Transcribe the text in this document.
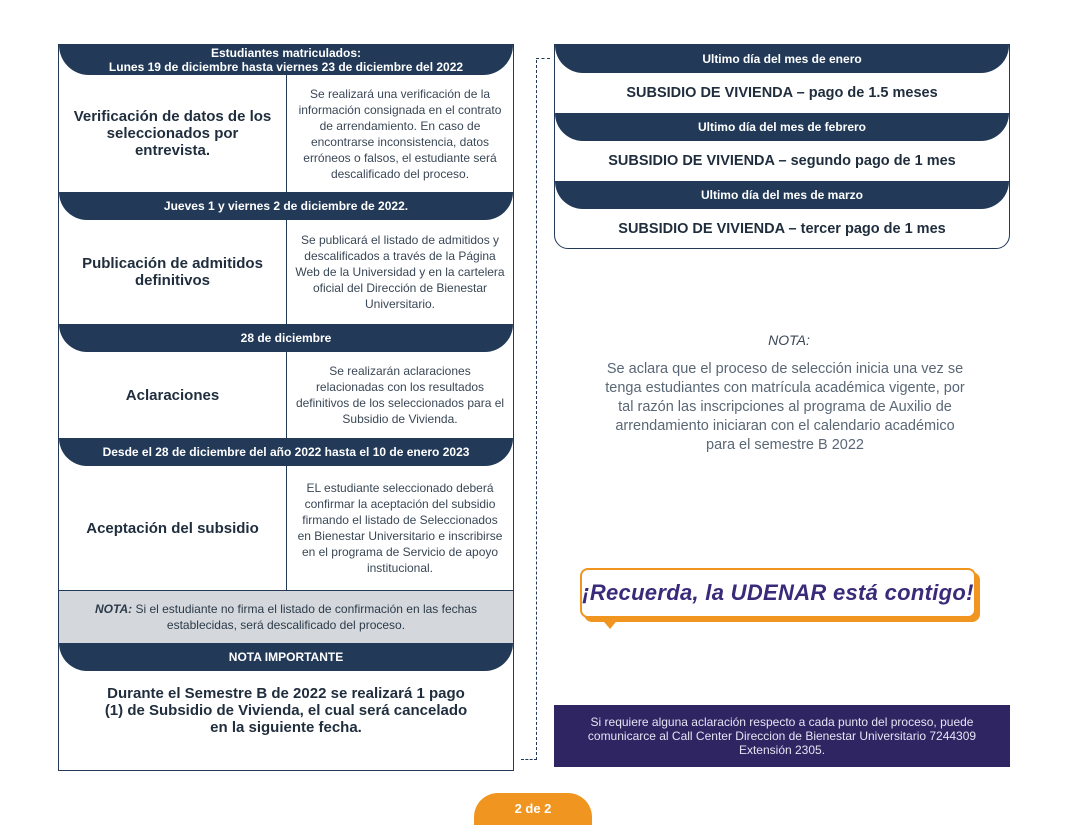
Estudiantes matriculados:
Lunes 19 de diciembre hasta viernes 23 de diciembre del 2022
Verificación de datos de los seleccionados por entrevista.
Se realizará una verificación de la información consignada en el contrato de arrendamiento. En caso de encontrarse inconsistencia, datos erróneos o falsos, el estudiante será descalificado del proceso.
Jueves 1 y viernes 2 de diciembre de 2022.
Publicación de admitidos definitivos
Se publicará el listado de admitidos y descalificados a través de la Página Web de la Universidad y en la cartelera oficial del Dirección de Bienestar Universitario.
28 de diciembre
Aclaraciones
Se realizarán aclaraciones relacionadas con los resultados definitivos de los seleccionados para el Subsidio de Vivienda.
Desde el 28 de diciembre del año 2022 hasta el 10 de enero 2023
Aceptación del subsidio
EL estudiante seleccionado deberá confirmar la aceptación del subsidio firmando el listado de Seleccionados en Bienestar Universitario e inscribirse en el programa de Servicio de apoyo institucional.

NOTA: Si el estudiante no firma el listado de confirmación en las fechas establecidas, será descalificado del proceso.

NOTA IMPORTANTE
Durante el Semestre B de 2022 se realizará 1 pago (1) de Subsidio de Vivienda, el cual será cancelado en la siguiente fecha.
Ultimo día del mes de enero
SUBSIDIO DE VIVIENDA – pago de 1.5 meses
Ultimo día del mes de febrero
SUBSIDIO DE VIVIENDA – segundo pago de 1 mes
Ultimo día del mes de marzo
SUBSIDIO DE VIVIENDA – tercer pago de 1 mes
NOTA:
Se aclara que el proceso de selección inicia una vez se tenga estudiantes con matrícula académica vigente, por tal razón las inscripciones al programa de Auxilio de arrendamiento iniciaran con el calendario académico para el semestre B 2022
¡Recuerda, la UDENAR está contigo!

Si requiere alguna aclaración respecto a cada punto del proceso, puede comunicarce al Call Center Direccion de Bienestar Universitario 7244309 Extensión 2305.

2 de 2
